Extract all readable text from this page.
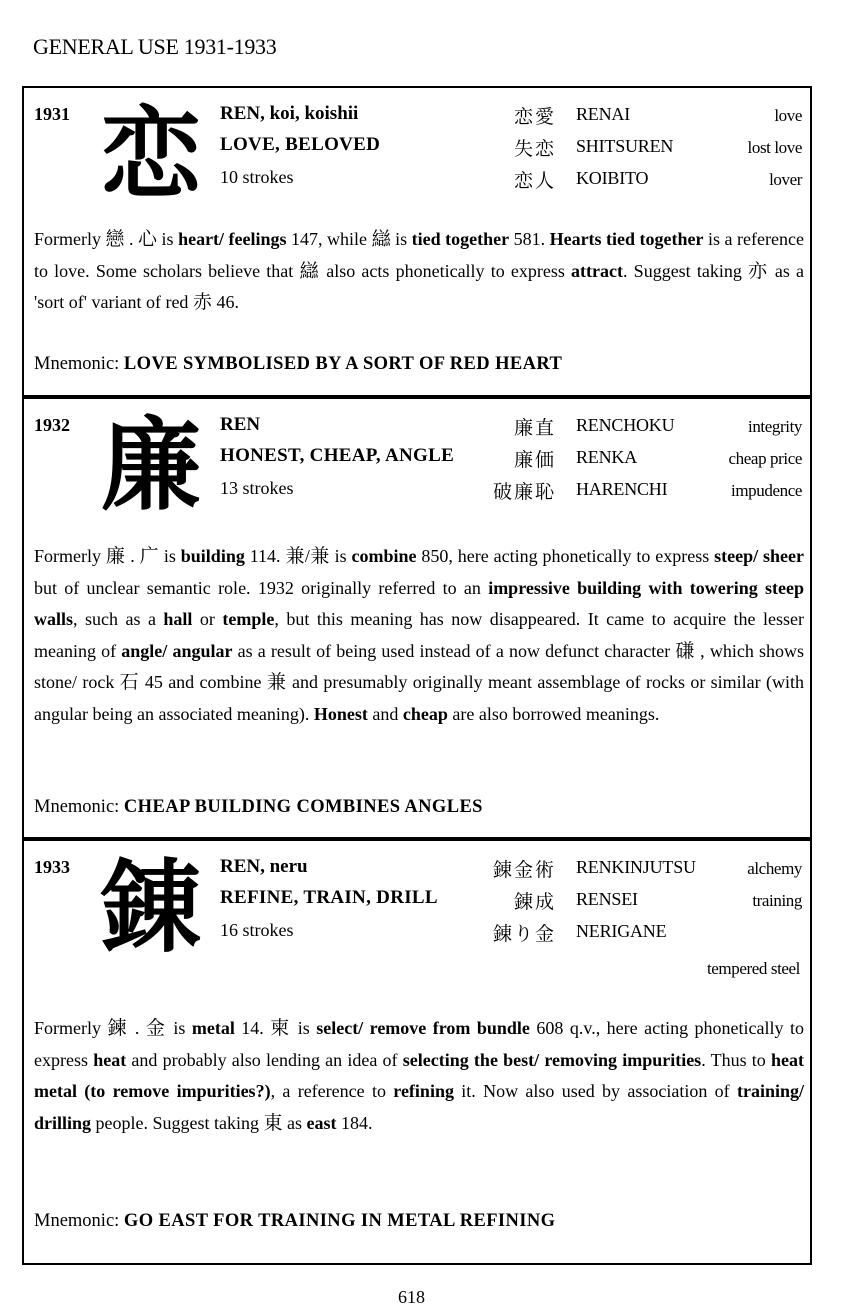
GENERAL USE 1931-1933
1931 恋	REN, koi, koishii
LOVE, BELOVED
10 strokes
恋愛 RENAI	love
失恋 SHITSUREN	lost love
恋人 KOIBITO	lover
Formerly 戀 . 心 is heart/ feelings 147, while 䜌 is tied together 581. Hearts tied together is a reference to love. Some scholars believe that 䜌 also acts phonetically to express attract. Suggest taking 亦 as a 'sort of' variant of red 赤 46.
Mnemonic: LOVE SYMBOLISED BY A SORT OF RED HEART
1932 廉	REN
HONEST, CHEAP, ANGLE
13 strokes
廉直 RENCHOKU	integrity
廉価 RENKA	cheap price
破廉恥 HARENCHI	impudence
Formerly 廉 . 广 is building 114. 兼/兼 is combine 850, here acting phonetically to express steep/ sheer but of unclear semantic role. 1932 originally referred to an impressive building with towering steep walls, such as a hall or temple, but this meaning has now disappeared. It came to acquire the lesser meaning of angle/ angular as a result of being used instead of a now defunct character 磏 , which shows stone/ rock 石 45 and combine 兼 and presumably originally meant assemblage of rocks or similar (with angular being an associated meaning). Honest and cheap are also borrowed meanings.
Mnemonic: CHEAP BUILDING COMBINES ANGLES
1933 錬	REN, neru
REFINE, TRAIN, DRILL
16 strokes
錬金術 RENKINJUTSU	alchemy
錬成 RENSEI	training
錬り金 NERIGANE
tempered steel
Formerly 鍊 . 金 is metal 14. 柬 is select/ remove from bundle 608 q.v., here acting phonetically to express heat and probably also lending an idea of selecting the best/ removing impurities. Thus to heat metal (to remove impurities?), a reference to refining it. Now also used by association of training/ drilling people. Suggest taking 東 as east 184.
Mnemonic: GO EAST FOR TRAINING IN METAL REFINING
618
